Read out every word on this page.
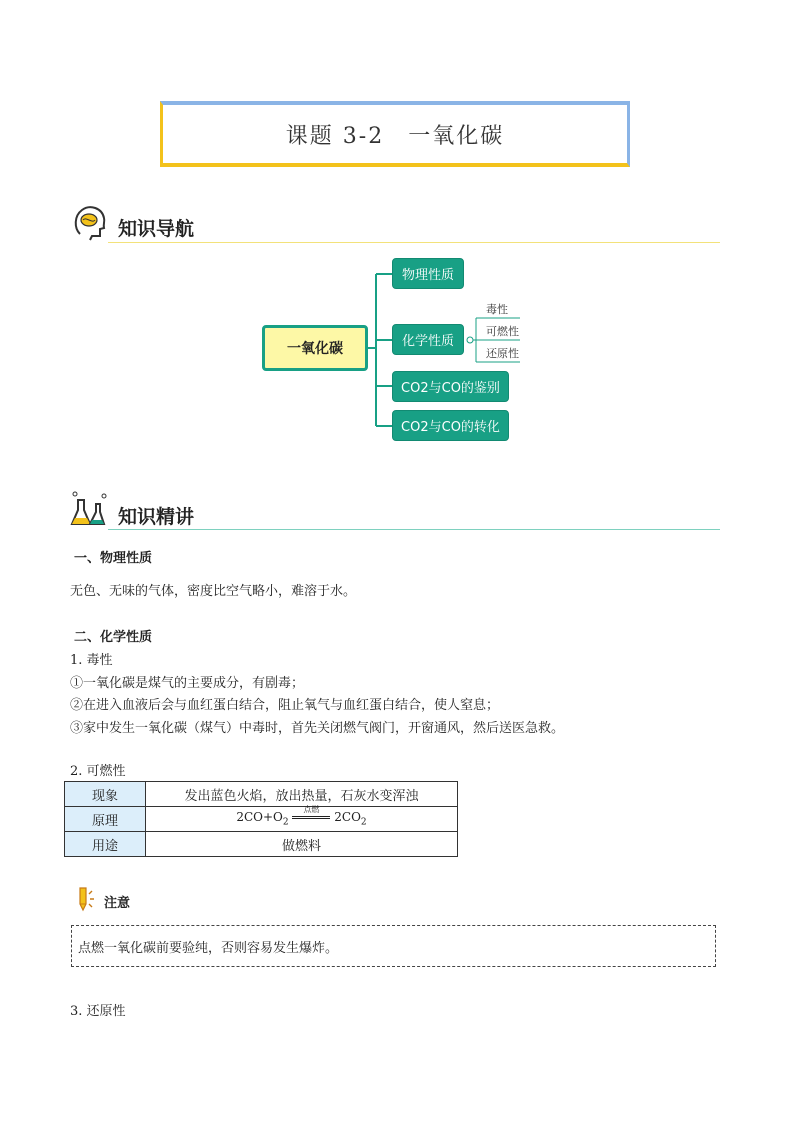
课题 3-2　一氧化碳
知识导航
一氧化碳
物理性质
化学性质
CO2与CO的鉴别
CO2与CO的转化
毒性
可燃性
还原性
知识精讲
一、物理性质
无色、无味的气体，密度比空气略小，难溶于水。
二、化学性质
1. 毒性
①一氧化碳是煤气的主要成分，有剧毒；
②在进入血液后会与血红蛋白结合，阻止氧气与血红蛋白结合，使人窒息；
③家中发生一氧化碳（煤气）中毒时，首先关闭燃气阀门，开窗通风，然后送医急救。
2. 可燃性
现象	发出蓝色火焰，放出热量，石灰水变浑浊
原理	$2CO+O_2$
点燃
$2CO_2$
用途	做燃料
注意
点燃一氧化碳前要验纯，否则容易发生爆炸。
3. 还原性
